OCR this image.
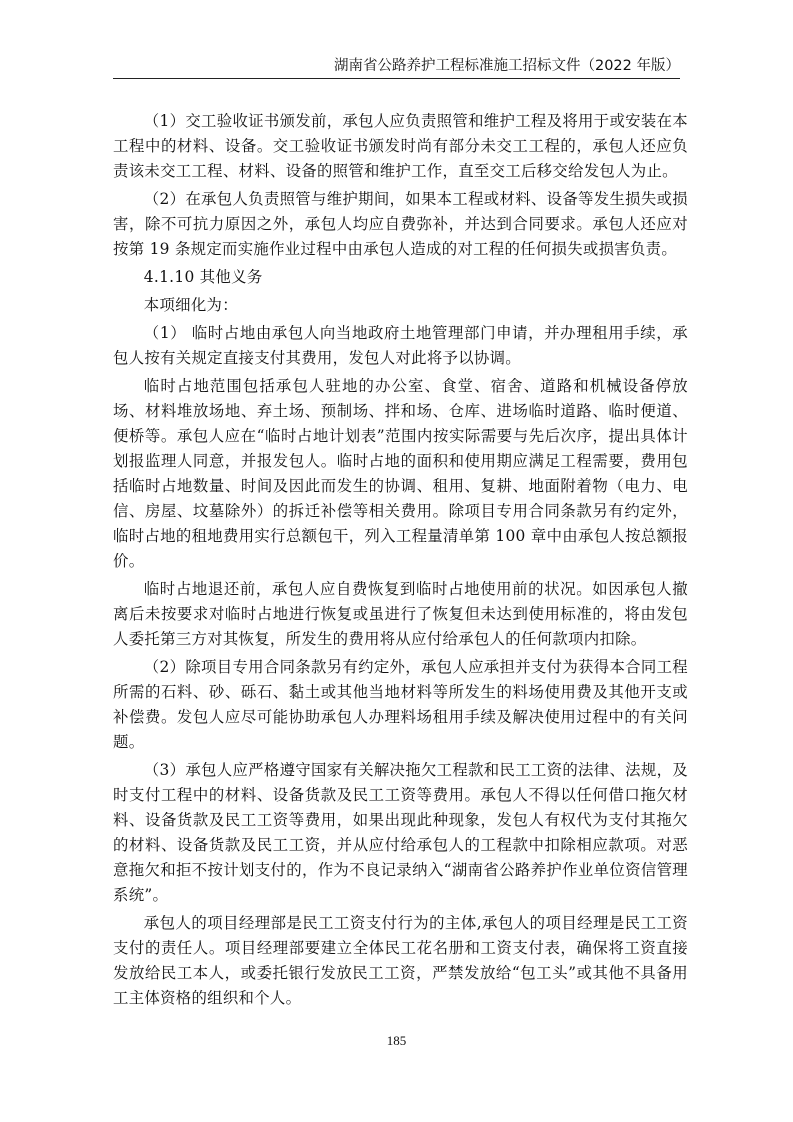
湖南省公路养护工程标准施工招标文件（2022 年版）

（1）交工验收证书颁发前，承包人应负责照管和维护工程及将用于或安装在本工程中的材料、设备。交工验收证书颁发时尚有部分未交工工程的，承包人还应负责该未交工工程、材料、设备的照管和维护工作，直至交工后移交给发包人为止。

（2）在承包人负责照管与维护期间，如果本工程或材料、设备等发生损失或损害，除不可抗力原因之外，承包人均应自费弥补，并达到合同要求。承包人还应对按第 19 条规定而实施作业过程中由承包人造成的对工程的任何损失或损害负责。

4.1.10 其他义务

本项细化为：

（1） 临时占地由承包人向当地政府土地管理部门申请，并办理租用手续，承包人按有关规定直接支付其费用，发包人对此将予以协调。

临时占地范围包括承包人驻地的办公室、食堂、宿舍、道路和机械设备停放场、材料堆放场地、弃土场、预制场、拌和场、仓库、进场临时道路、临时便道、便桥等。承包人应在“临时占地计划表”范围内按实际需要与先后次序，提出具体计划报监理人同意，并报发包人。临时占地的面积和使用期应满足工程需要，费用包括临时占地数量、时间及因此而发生的协调、租用、复耕、地面附着物（电力、电信、房屋、坟墓除外）的拆迁补偿等相关费用。除项目专用合同条款另有约定外，临时占地的租地费用实行总额包干，列入工程量清单第 100 章中由承包人按总额报价。

临时占地退还前，承包人应自费恢复到临时占地使用前的状况。如因承包人撤离后未按要求对临时占地进行恢复或虽进行了恢复但未达到使用标准的，将由发包人委托第三方对其恢复，所发生的费用将从应付给承包人的任何款项内扣除。

（2）除项目专用合同条款另有约定外，承包人应承担并支付为获得本合同工程所需的石料、砂、砾石、黏土或其他当地材料等所发生的料场使用费及其他开支或补偿费。发包人应尽可能协助承包人办理料场租用手续及解决使用过程中的有关问题。

（3）承包人应严格遵守国家有关解决拖欠工程款和民工工资的法律、法规，及时支付工程中的材料、设备货款及民工工资等费用。承包人不得以任何借口拖欠材料、设备货款及民工工资等费用，如果出现此种现象，发包人有权代为支付其拖欠的材料、设备货款及民工工资，并从应付给承包人的工程款中扣除相应款项。对恶意拖欠和拒不按计划支付的，作为不良记录纳入“湖南省公路养护作业单位资信管理系统”。

承包人的项目经理部是民工工资支付行为的主体,承包人的项目经理是民工工资支付的责任人。项目经理部要建立全体民工花名册和工资支付表，确保将工资直接发放给民工本人，或委托银行发放民工工资，严禁发放给“包工头”或其他不具备用工主体资格的组织和个人。

185
